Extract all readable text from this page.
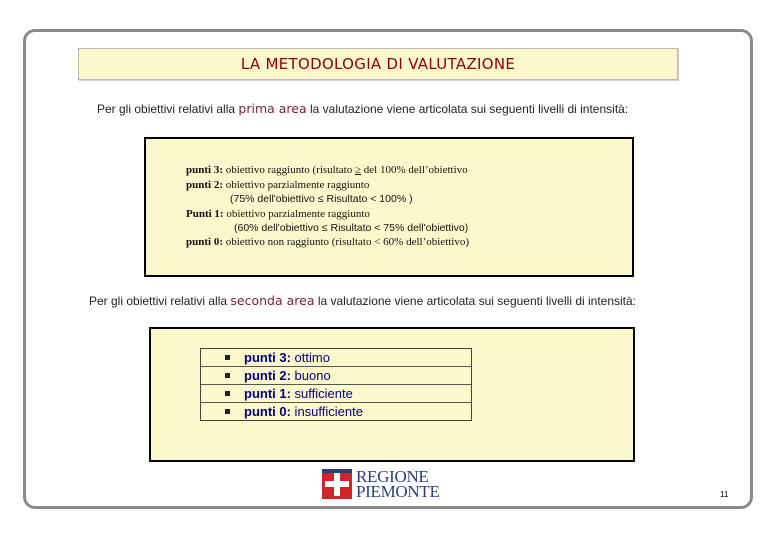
LA METODOLOGIA DI VALUTAZIONE
Per gli obiettivi relativi alla prima area la valutazione viene articolata sui seguenti livelli di intensità:
punti 3: obiettivo raggiunto (risultato ≥ del 100% dell’obiettivo
punti 2: obiettivo parzialmente raggiunto
(75% dell'obiettivo ≤ Risultato < 100% )
Punti 1: obiettivo parzialmente raggiunto
(60% dell'obiettivo ≤ Risultato < 75% dell'obiettivo)
punti 0: obiettivo non raggiunto (risultato < 60% dell’obiettivo)
Per gli obiettivi relativi alla seconda area la valutazione viene articolata sui seguenti livelli di intensità:
punti 3: ottimo
punti 2: buono
punti 1: sufficiente
punti 0: insufficiente
REGIONE
PIEMONTE	11
